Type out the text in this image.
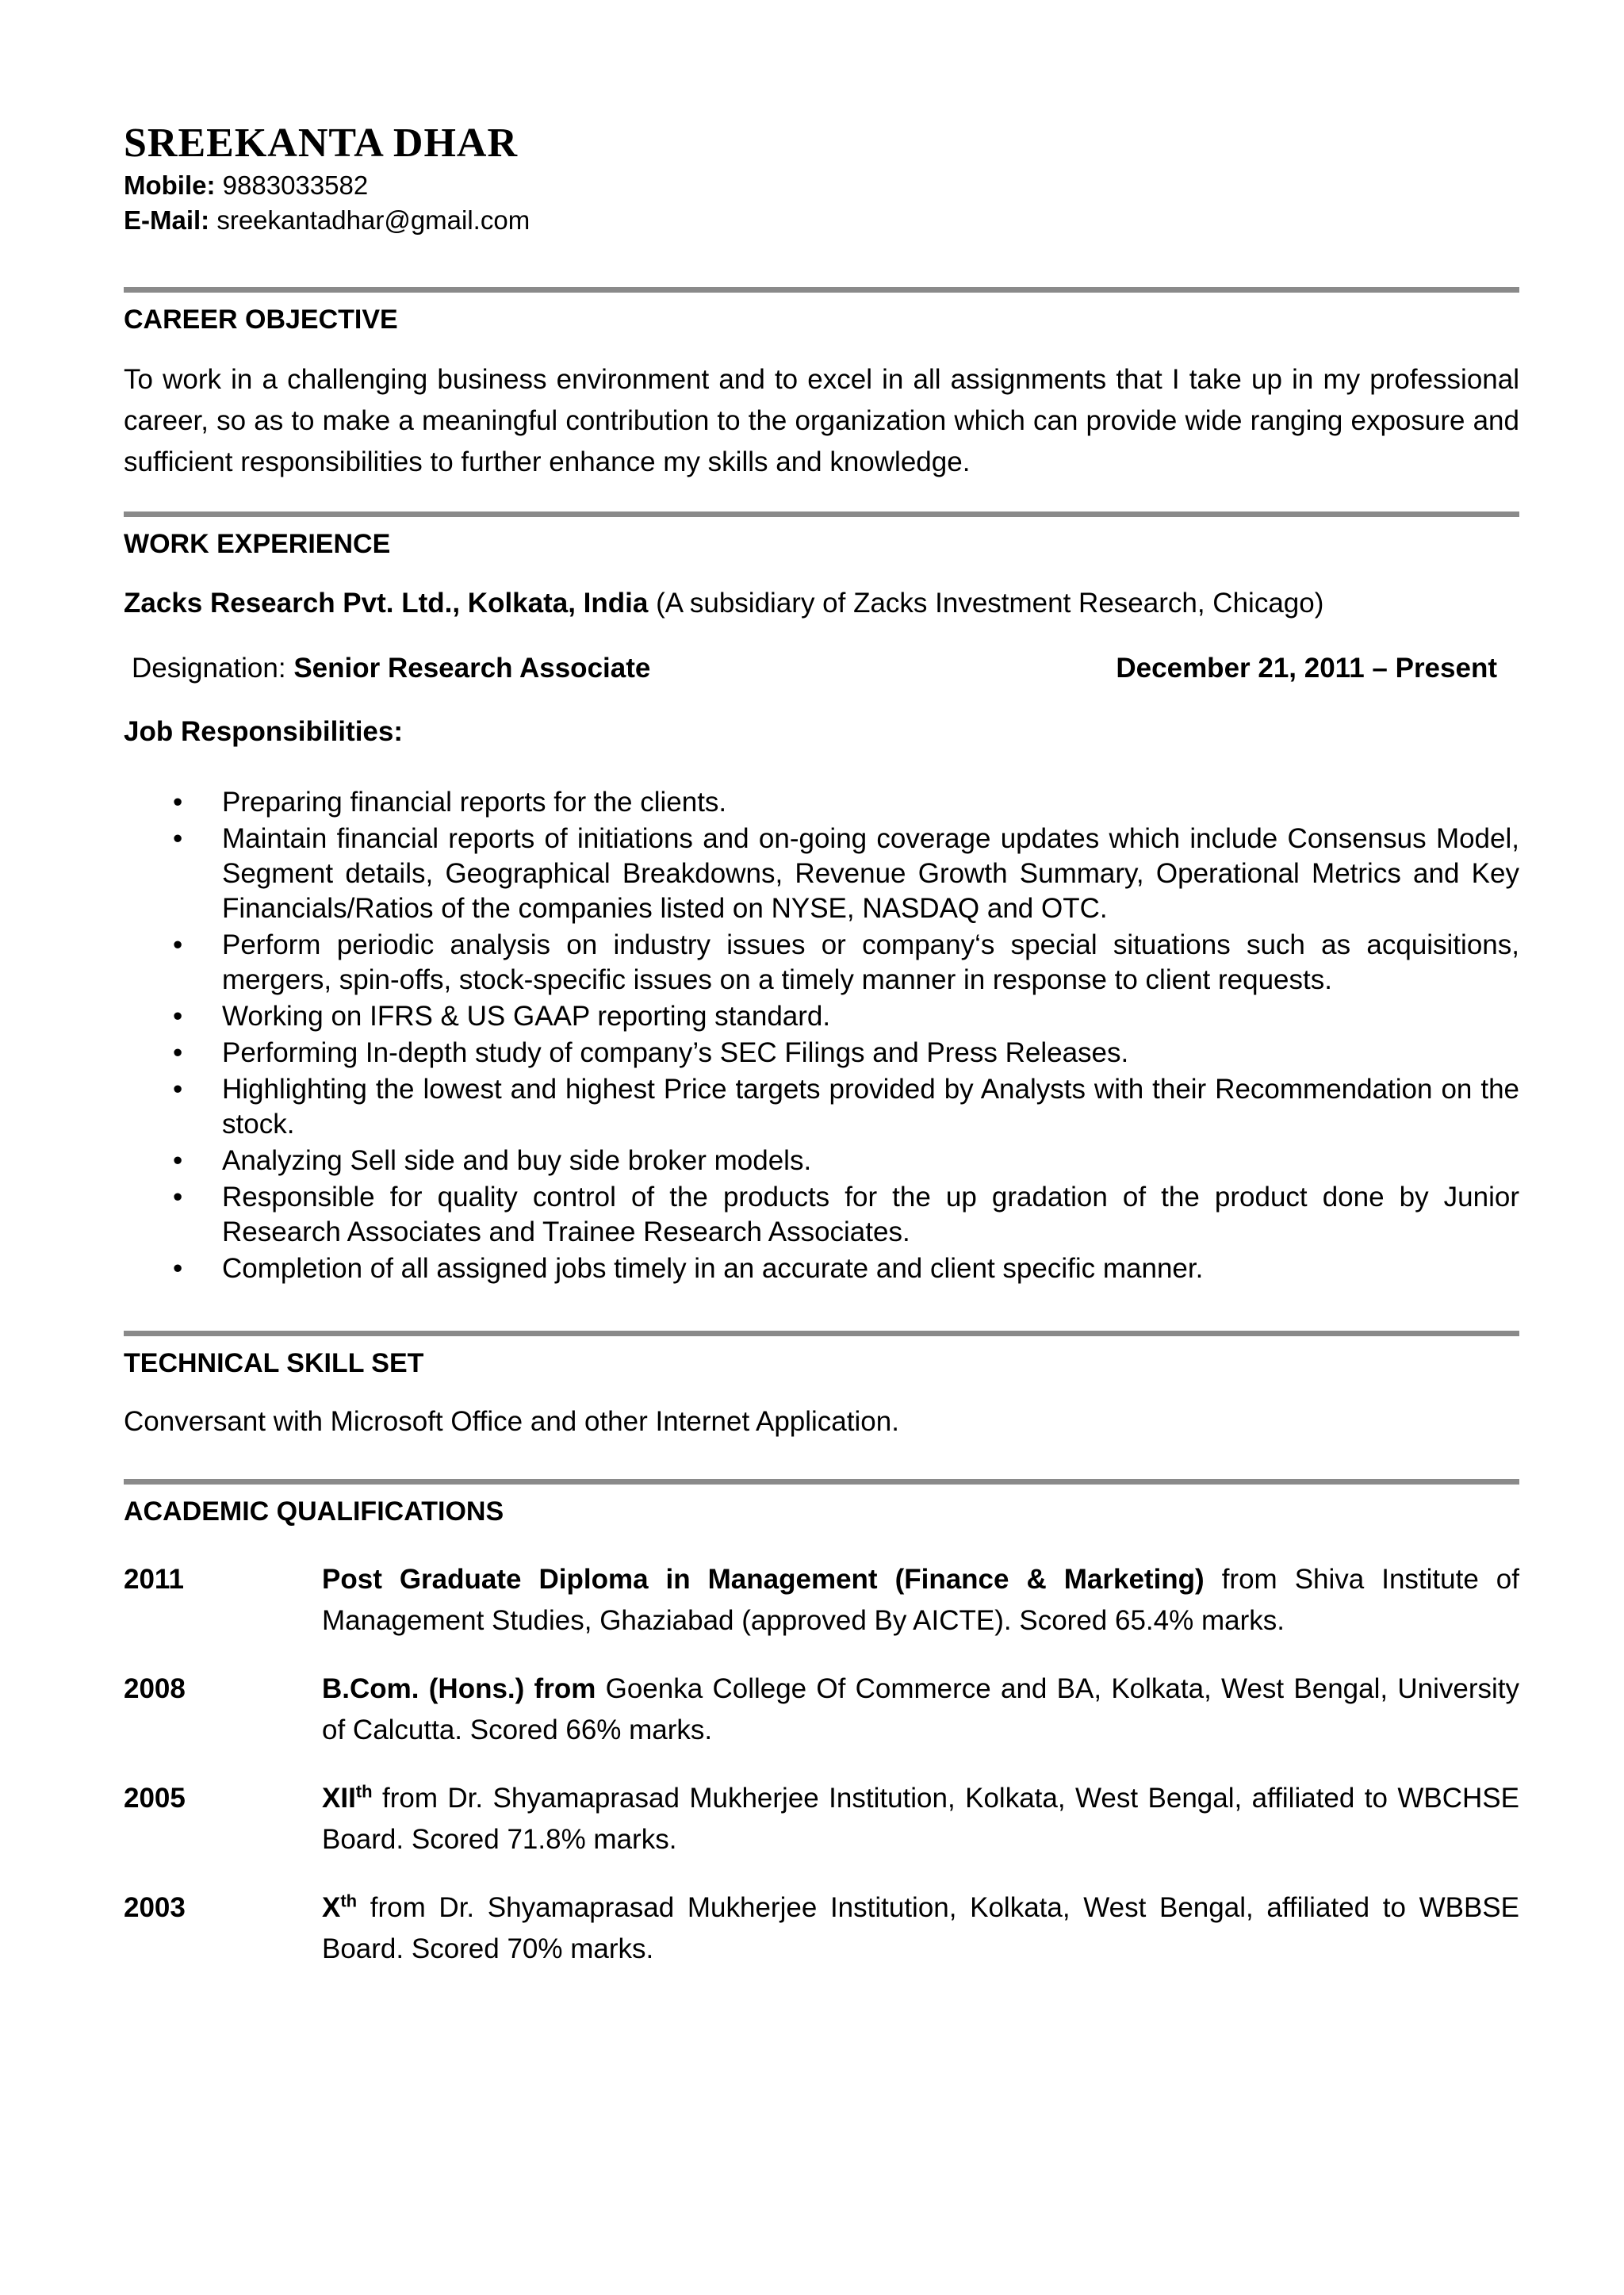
SREEKANTA DHAR
Mobile: 9883033582
E-Mail: sreekantadhar@gmail.com
CAREER OBJECTIVE
To work in a challenging business environment and to excel in all assignments that I take up in my professional career, so as to make a meaningful contribution to the organization which can provide wide ranging exposure and sufficient responsibilities to further enhance my skills and knowledge.
WORK EXPERIENCE
Zacks Research Pvt. Ltd., Kolkata, India (A subsidiary of Zacks Investment Research, Chicago)
Designation: Senior Research Associate	December 21, 2011 – Present
Job Responsibilities:
• Preparing financial reports for the clients.
• Maintain financial reports of initiations and on-going coverage updates which include Consensus Model, Segment details, Geographical Breakdowns, Revenue Growth Summary, Operational Metrics and Key Financials/Ratios of the companies listed on NYSE, NASDAQ and OTC.
• Perform periodic analysis on industry issues or company‘s special situations such as acquisitions, mergers, spin-offs, stock-specific issues on a timely manner in response to client requests.
• Working on IFRS & US GAAP reporting standard.
• Performing In-depth study of company’s SEC Filings and Press Releases.
• Highlighting the lowest and highest Price targets provided by Analysts with their Recommendation on the stock.
• Analyzing Sell side and buy side broker models.
• Responsible for quality control of the products for the up gradation of the product done by Junior Research Associates and Trainee Research Associates.
• Completion of all assigned jobs timely in an accurate and client specific manner.
TECHNICAL SKILL SET
Conversant with Microsoft Office and other Internet Application.
ACADEMIC QUALIFICATIONS
2011	Post Graduate Diploma in Management (Finance & Marketing) from Shiva Institute of Management Studies, Ghaziabad (approved By AICTE). Scored 65.4% marks.
2008	B.Com. (Hons.) from Goenka College Of Commerce and BA, Kolkata, West Bengal, University of Calcutta. Scored 66% marks.
2005	XIIth from Dr. Shyamaprasad Mukherjee Institution, Kolkata, West Bengal, affiliated to WBCHSE Board. Scored 71.8% marks.
2003	Xth from Dr. Shyamaprasad Mukherjee Institution, Kolkata, West Bengal, affiliated to WBBSE Board. Scored 70% marks.
